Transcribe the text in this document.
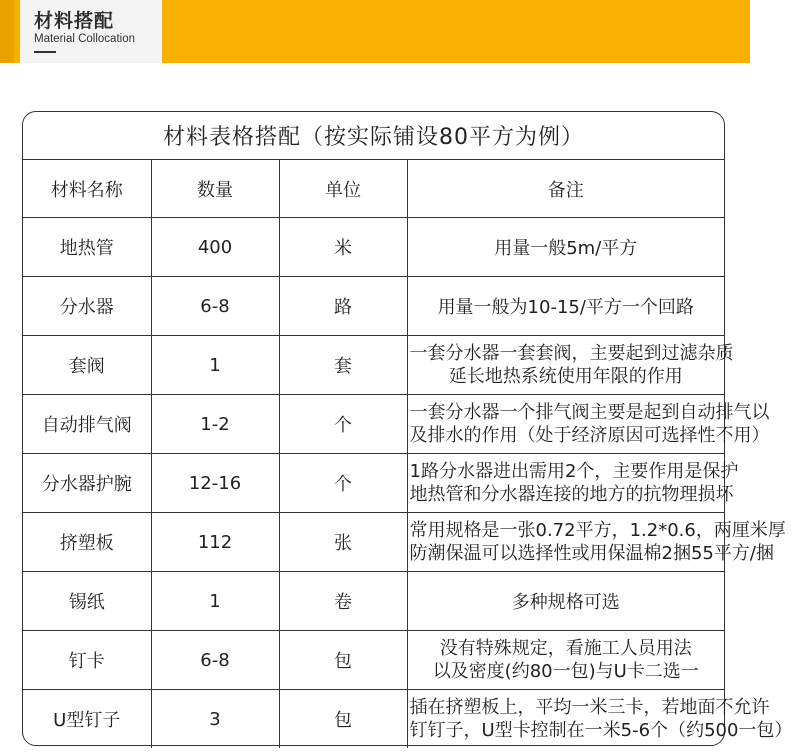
材料搭配
Material Collocation
材料表格搭配（按实际铺设80平方为例）			
材料名称	数量	单位	备注
地热管	400	米	用量一般5m/平方
分水器	6-8	路	用量一般为10-15/平方一个回路
套阀	1	套	一套分水器一套套阀，主要起到过滤杂质
延长地热系统使用年限的作用

自动排气阀	1-2	个	一套分水器一个排气阀主要是起到自动排气以
及排水的作用（处于经济原因可选择性不用）

分水器护腕	12-16	个	1路分水器进出需用2个，主要作用是保护
地热管和分水器连接的地方的抗物理损坏

挤塑板	112	张	常用规格是一张0.72平方，1.2*0.6，两厘米厚
防潮保温可以选择性或用保温棉2捆55平方/捆

锡纸	1	卷	多种规格可选
钉卡	6-8	包	没有特殊规定，看施工人员用法
以及密度(约80一包)与U卡二选一

U型钉子	3	包	插在挤塑板上，平均一米三卡，若地面不允许
钉钉子，U型卡控制在一米5-6个（约500一包）
